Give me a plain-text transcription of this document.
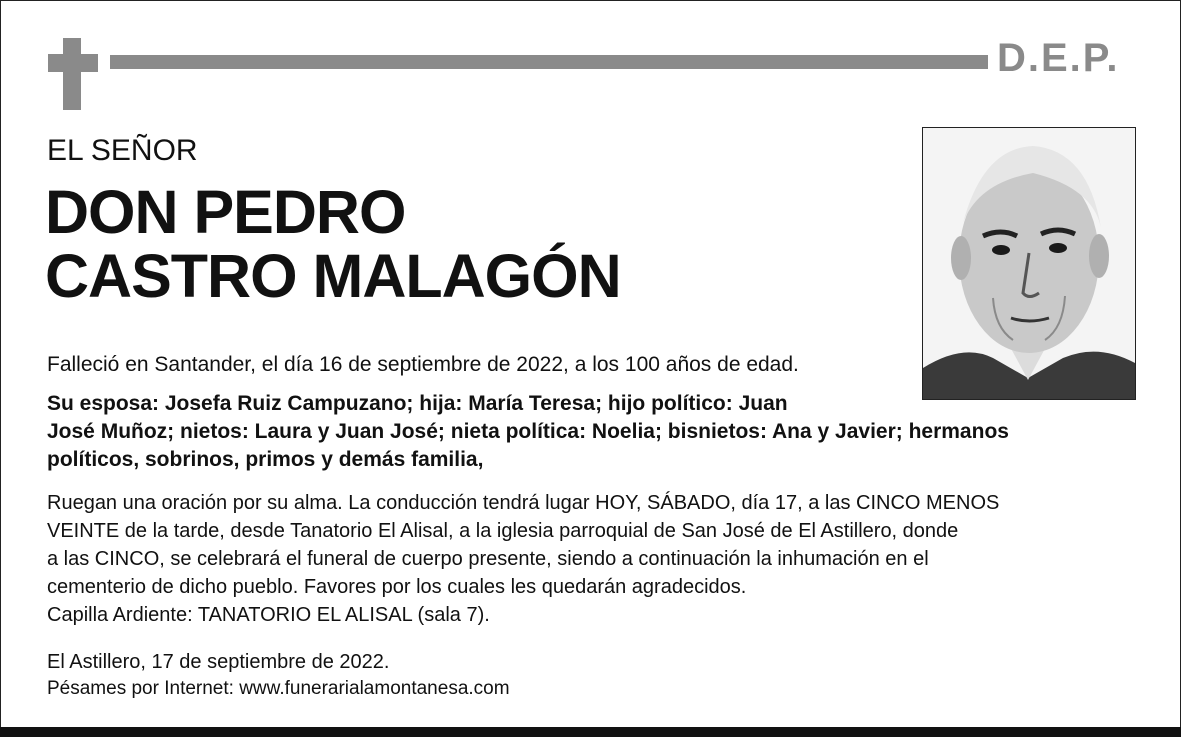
D.E.P.
EL SEÑOR
DON PEDRO
CASTRO MALAGÓN
Falleció en Santander, el día 16 de septiembre de 2022, a los 100 años de edad.
Su esposa: Josefa Ruiz Campuzano; hija: María Teresa; hijo político: Juan
José Muñoz; nietos: Laura y Juan José; nieta política: Noelia; bisnietos: Ana y Javier; hermanos
políticos, sobrinos, primos y demás familia,
Ruegan una oración por su alma. La conducción tendrá lugar HOY, SÁBADO, día 17, a las CINCO MENOS
VEINTE de la tarde, desde Tanatorio El Alisal, a la iglesia parroquial de San José de El Astillero, donde
a las CINCO, se celebrará el funeral de cuerpo presente, siendo a continuación la inhumación en el
cementerio de dicho pueblo. Favores por los cuales les quedarán agradecidos.
Capilla Ardiente: TANATORIO EL ALISAL (sala 7).
El Astillero, 17 de septiembre de 2022.
Pésames por Internet: www.funerarialamontanesa.com
